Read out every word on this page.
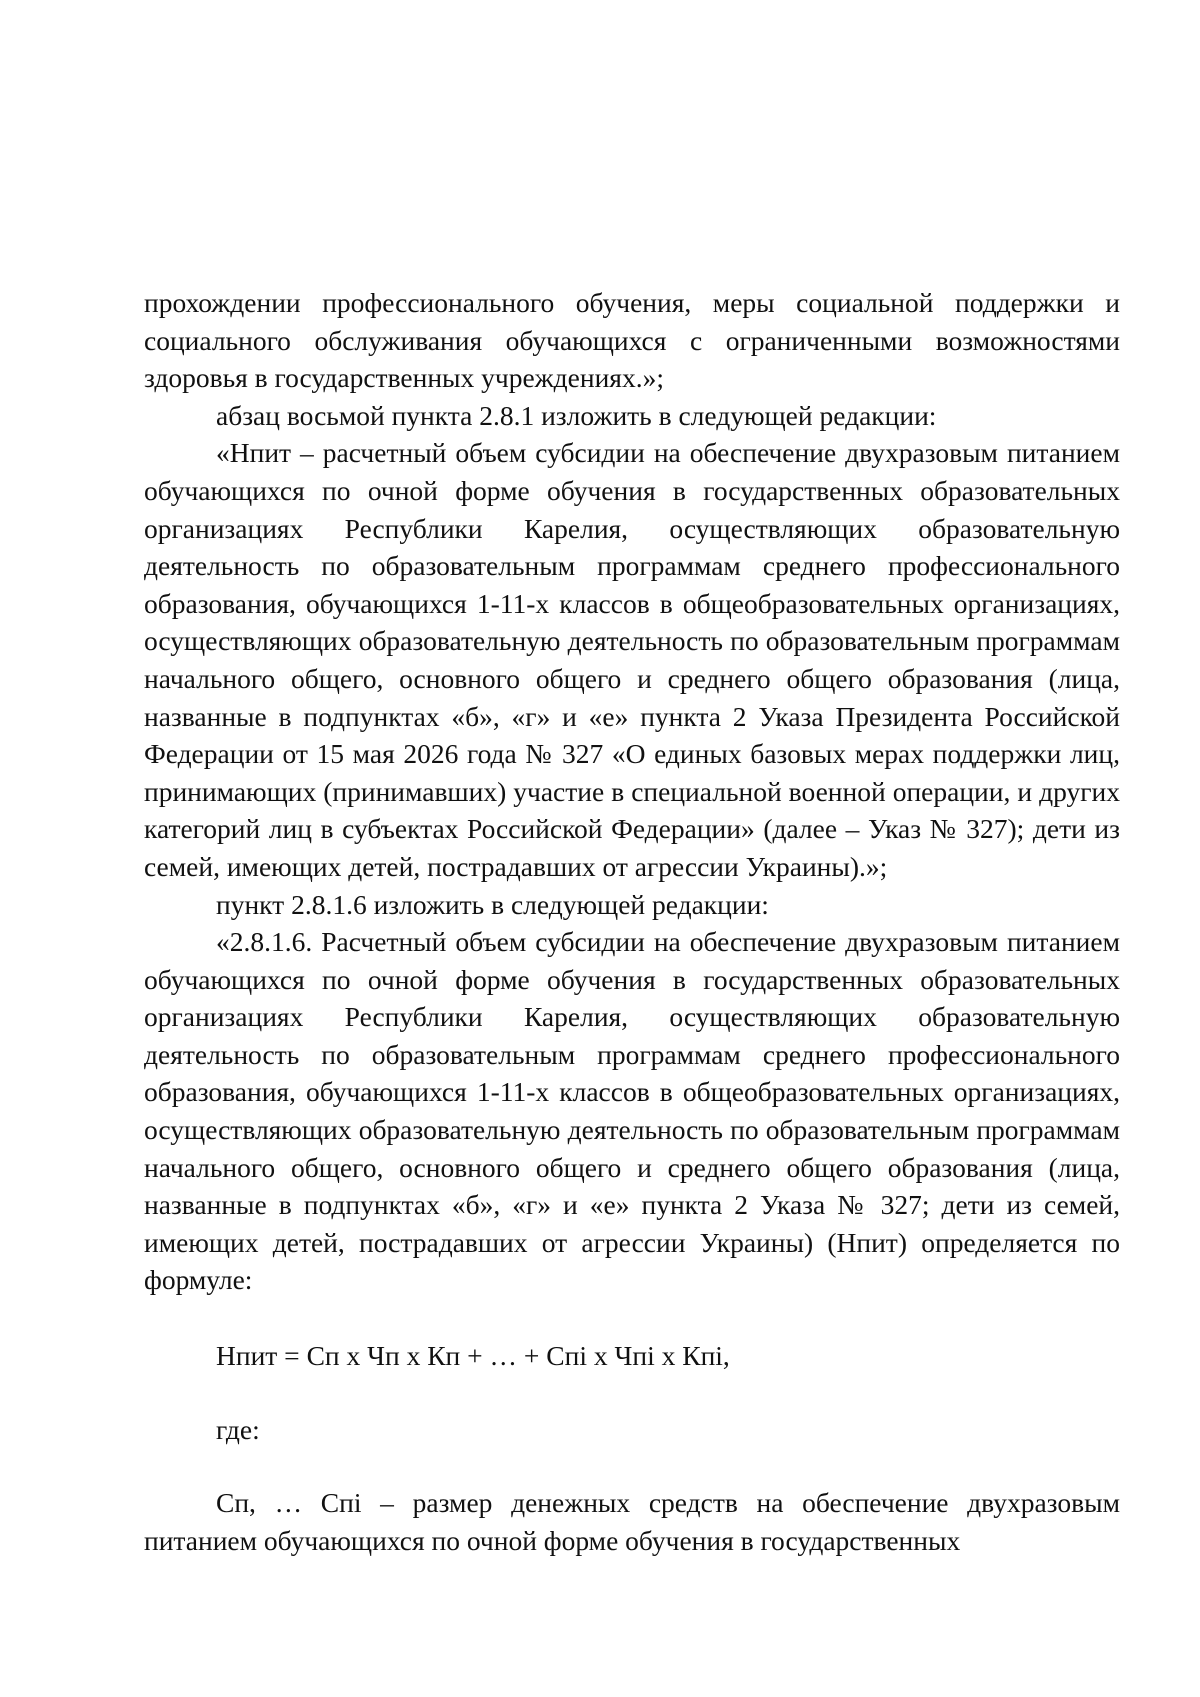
прохождении профессионального обучения, меры социальной поддержки и социального обслуживания обучающихся с ограниченными возможностями здоровья в государственных учреждениях.»;

абзац восьмой пункта 2.8.1 изложить в следующей редакции:

«Нпит – расчетный объем субсидии на обеспечение двухразовым питанием обучающихся по очной форме обучения в государственных образовательных организациях Республики Карелия, осуществляющих образовательную деятельность по образовательным программам среднего профессионального образования, обучающихся 1-11-х классов в общеобразовательных организациях, осуществляющих образовательную деятельность по образовательным программам начального общего, основного общего и среднего общего образования (лица, названные в подпунктах «б», «г» и «е» пункта 2 Указа Президента Российской Федерации от 15 мая 2026 года № 327 «О единых базовых мерах поддержки лиц, принимающих (принимавших) участие в специальной военной операции, и других категорий лиц в субъектах Российской Федерации» (далее – Указ № 327); дети из семей, имеющих детей, пострадавших от агрессии Украины).»;

пункт 2.8.1.6 изложить в следующей редакции:

«2.8.1.6. Расчетный объем субсидии на обеспечение двухразовым питанием обучающихся по очной форме обучения в государственных образовательных организациях Республики Карелия, осуществляющих образовательную деятельность по образовательным программам среднего профессионального образования, обучающихся 1-11-х классов в общеобразовательных организациях, осуществляющих образовательную деятельность по образовательным программам начального общего, основного общего и среднего общего образования (лица, названные в подпунктах «б», «г» и «е» пункта 2 Указа № 327; дети из семей, имеющих детей, пострадавших от агрессии Украины) (Нпит) определяется по формуле:

Нпит = Сп х Чп х Кп + … + Спi х Чпi х Кпi,

где:

Сп, … Спi – размер денежных средств на обеспечение двухразовым питанием обучающихся по очной форме обучения в государственных
